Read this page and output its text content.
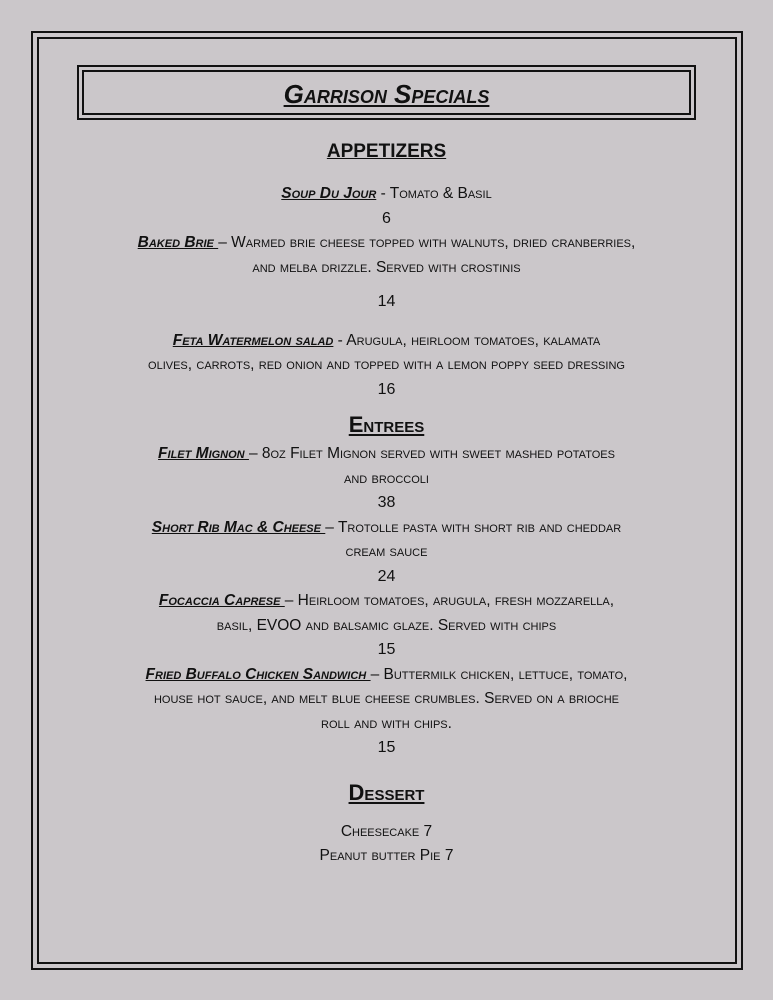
Garrison Specials
APPETIZERS
Soup Du Jour - Tomato & Basil
6
Baked Brie – Warmed brie cheese topped with walnuts, dried cranberries,
and melba drizzle. Served with crostinis
14
Feta Watermelon salad - Arugula, heirloom tomatoes, kalamata
olives, carrots, red onion and topped with a lemon poppy seed dressing
16
Entrees
Filet Mignon – 8oz Filet Mignon served with sweet mashed potatoes
and broccoli
38
Short Rib Mac & Cheese – Trotolle pasta with short rib and cheddar
cream sauce
24
Focaccia Caprese – Heirloom tomatoes, arugula, fresh mozzarella,
basil, EVOO and balsamic glaze. Served with chips
15
Fried Buffalo Chicken Sandwich – Buttermilk chicken, lettuce, tomato,
house hot sauce, and melt blue cheese crumbles. Served on a brioche
roll and with chips.
15
Dessert
Cheesecake 7
Peanut butter Pie 7
